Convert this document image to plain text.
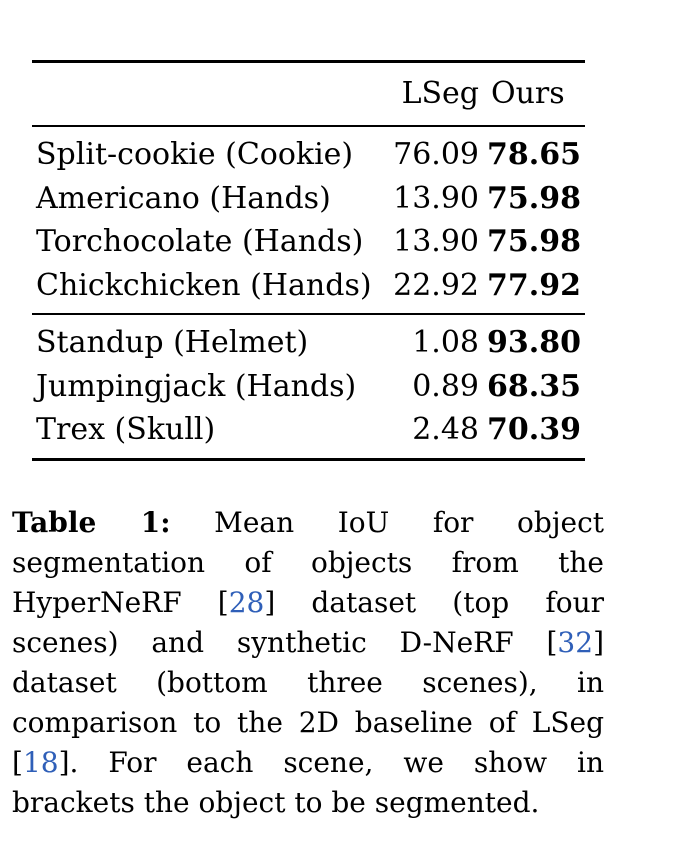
LSeg Ours
Split-cookie (Cookie)	76.09 78.65
Americano (Hands)	13.90 75.98
Torchocolate (Hands) 13.90 75.98
Chickchicken (Hands) 22.92 77.92
Standup (Helmet)	1.08 93.80
Jumpingjack (Hands)	0.89 68.35
Trex (Skull)	2.48 70.39
Table 1: Mean IoU for object segmentation of objects from the HyperNeRF [28] dataset (top four scenes) and synthetic D-NeRF [32] dataset (bottom three scenes), in comparison to the 2D baseline of LSeg [18]. For each scene, we show in brackets the object to be segmented.
